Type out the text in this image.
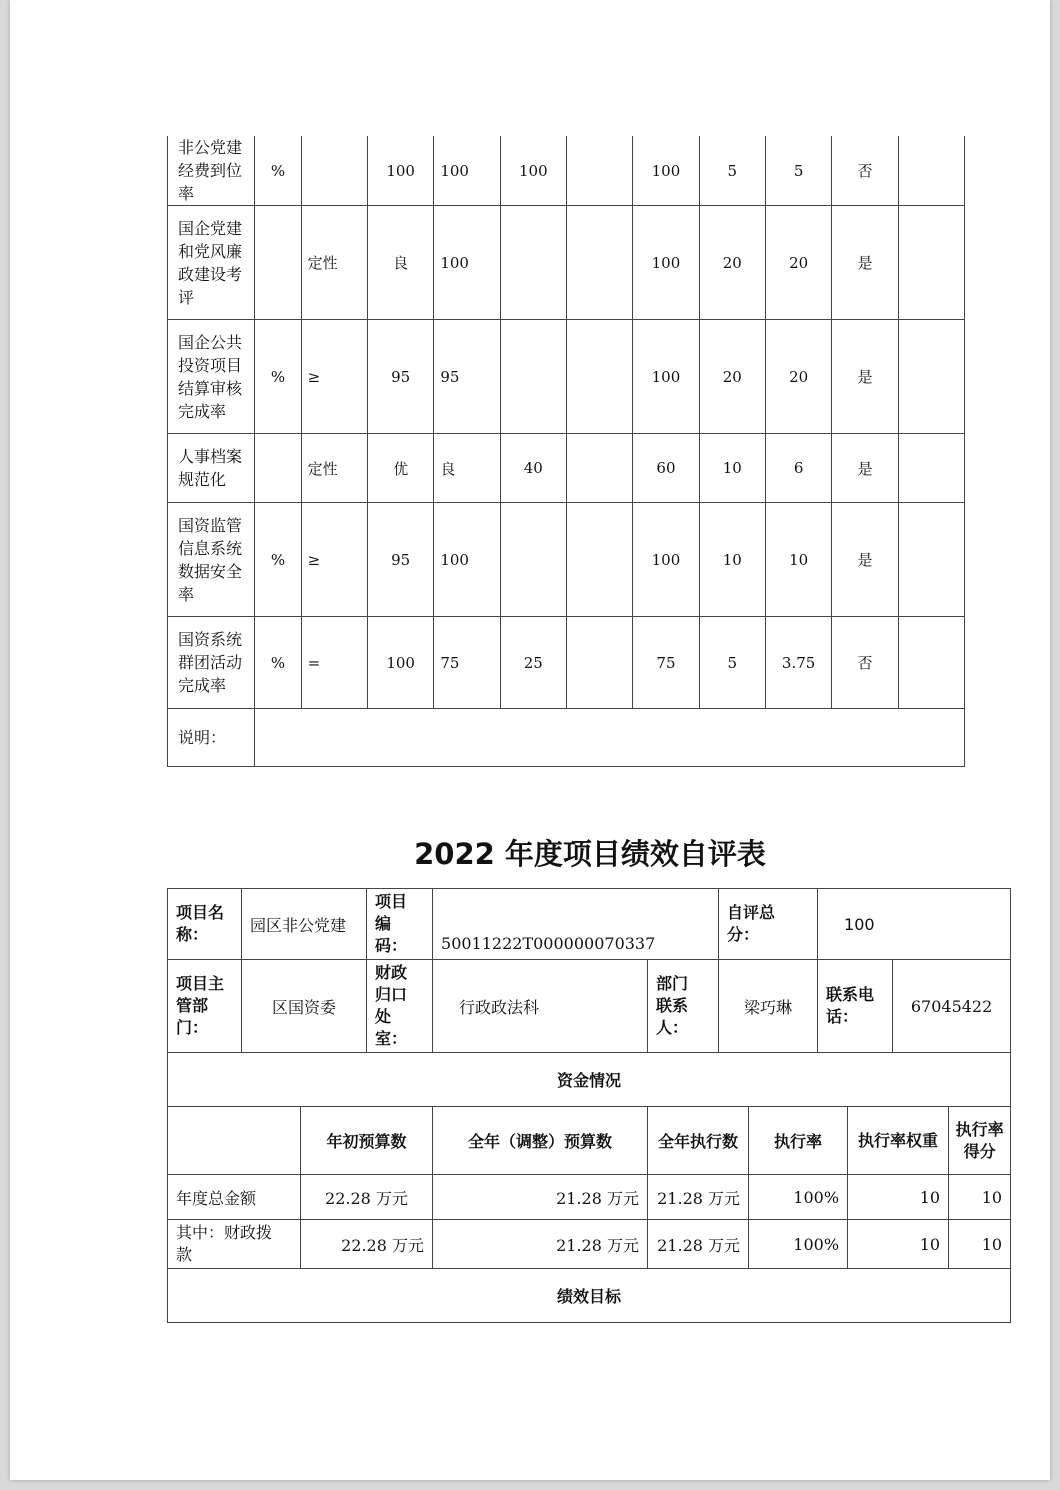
非公党建经费到位率	%		100	100	100		100	5	5	否	
国企党建和党风廉政建设考评		定性	良	100			100	20	20	是	
国企公共投资项目结算审核完成率	%	≥	95	95			100	20	20	是	
人事档案规范化		定性	优	良	40		60	10	6	是	
国资监管信息系统数据安全率	%	≥	95	100			100	10	10	是	
国资系统群团活动完成率	%	=	100	75	25		75	5	3.75	否	
说明：											
2022 年度项目绩效自评表
项目名称：	园区非公党建		项目编码：	50011222T000000070337		自评总分：		100			
项目主管部门：	区国资委		财政归口处室：	行政政法科	部门联系人：	梁巧琳		联系电话：		67045422	
资金情况											
		年初预算数		全年（调整）预算数	全年执行数		执行率		执行率权重		执行率得分
年度总金额		22.28 万元		21.28 万元	21.28 万元		100%		10		10
其中：财政拨款		22.28 万元		21.28 万元	21.28 万元		100%		10		10
绩效目标											
